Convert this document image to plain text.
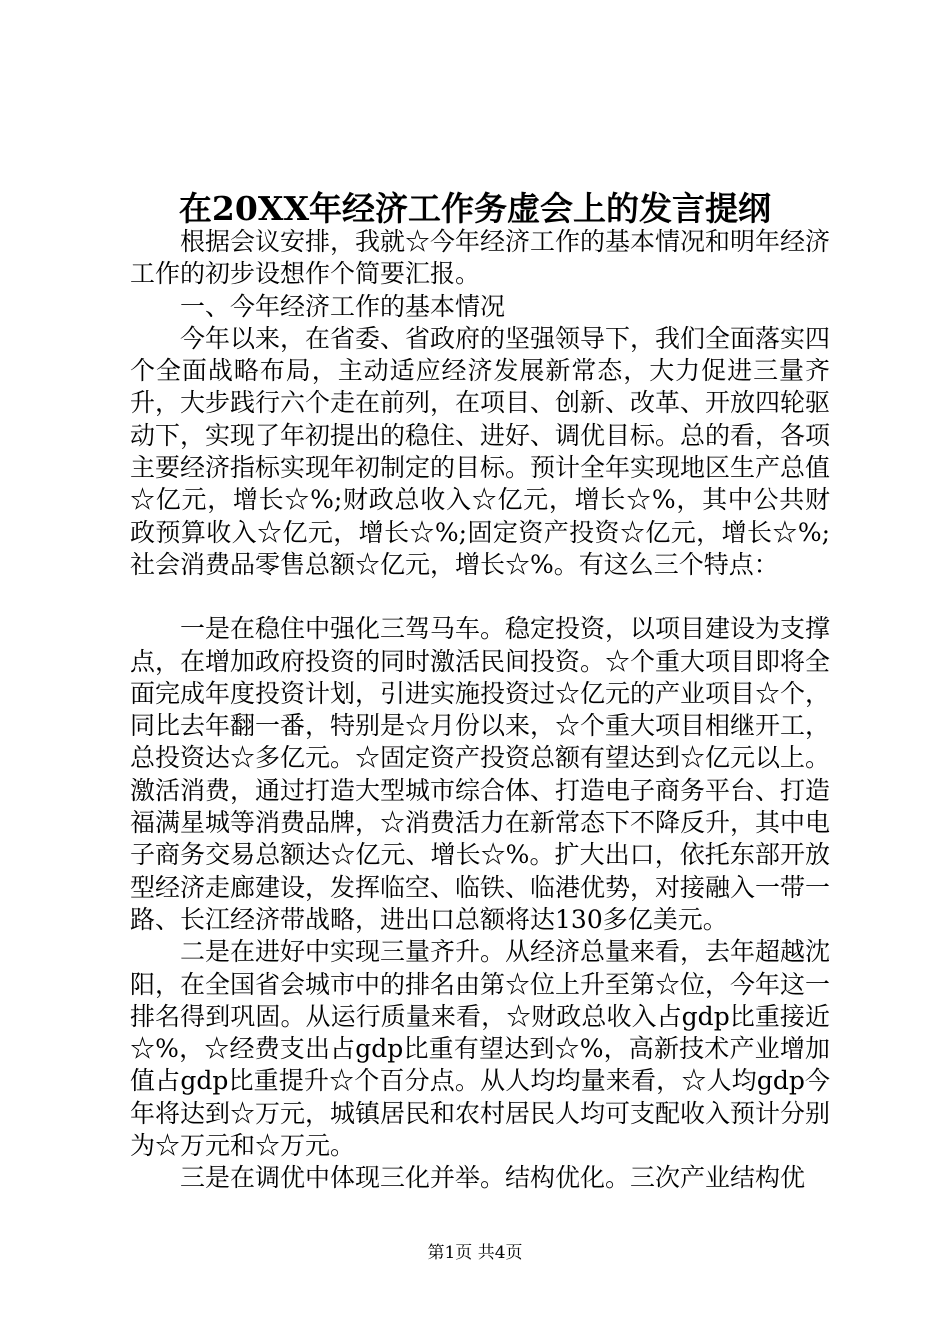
在20XX年经济工作务虚会上的发言提纲

根据会议安排，我就☆今年经济工作的基本情况和明年经济工作的初步设想作个简要汇报。

一、今年经济工作的基本情况

今年以来，在省委、省政府的坚强领导下，我们全面落实四个全面战略布局，主动适应经济发展新常态，大力促进三量齐升，大步践行六个走在前列，在项目、创新、改革、开放四轮驱动下，实现了年初提出的稳住、进好、调优目标。总的看，各项主要经济指标实现年初制定的目标。预计全年实现地区生产总值☆亿元，增长☆%;财政总收入☆亿元，增长☆%，其中公共财政预算收入☆亿元，增长☆%;固定资产投资☆亿元，增长☆%;社会消费品零售总额☆亿元，增长☆%。有这么三个特点：

一是在稳住中强化三驾马车。稳定投资，以项目建设为支撑点，在增加政府投资的同时激活民间投资。☆个重大项目即将全面完成年度投资计划，引进实施投资过☆亿元的产业项目☆个，同比去年翻一番，特别是☆月份以来，☆个重大项目相继开工，总投资达☆多亿元。☆固定资产投资总额有望达到☆亿元以上。激活消费，通过打造大型城市综合体、打造电子商务平台、打造福满星城等消费品牌，☆消费活力在新常态下不降反升，其中电子商务交易总额达☆亿元、增长☆%。扩大出口，依托东部开放型经济走廊建设，发挥临空、临铁、临港优势，对接融入一带一路、长江经济带战略，进出口总额将达130多亿美元。

二是在进好中实现三量齐升。从经济总量来看，去年超越沈阳，在全国省会城市中的排名由第☆位上升至第☆位，今年这一排名得到巩固。从运行质量来看，☆财政总收入占gdp比重接近☆%，☆经费支出占gdp比重有望达到☆%，高新技术产业增加值占gdp比重提升☆个百分点。从人均均量来看，☆人均gdp今年将达到☆万元，城镇居民和农村居民人均可支配收入预计分别为☆万元和☆万元。

三是在调优中体现三化并举。结构优化。三次产业结构优

第1页 共4页
